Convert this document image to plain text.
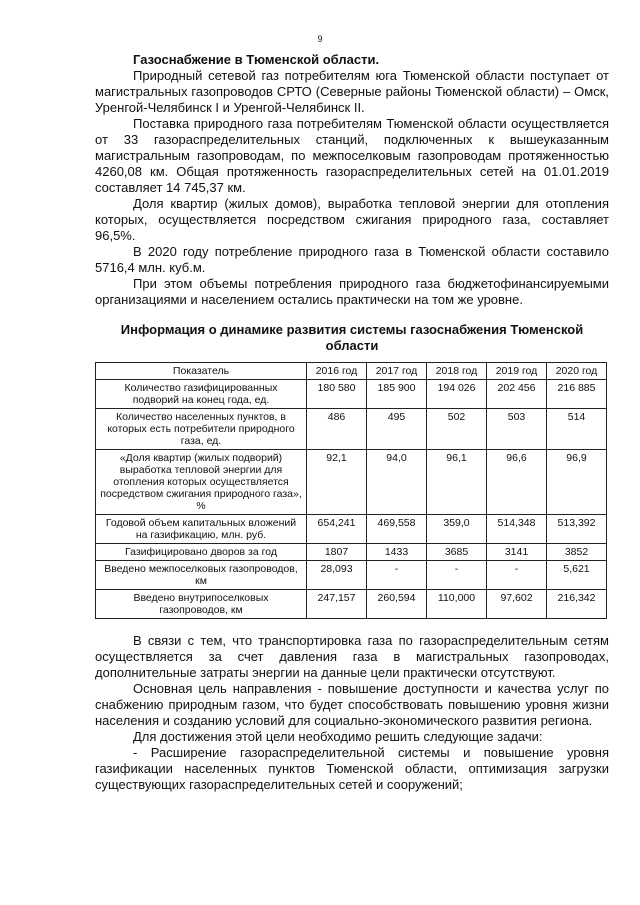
9

Газоснабжение в Тюменской области.

Природный сетевой газ потребителям юга Тюменской области поступает от магистральных газопроводов СРТО (Северные районы Тюменской области) – Омск, Уренгой-Челябинск I и Уренгой-Челябинск II.

Поставка природного газа потребителям Тюменской области осуществляется от 33 газораспределительных станций, подключенных к вышеуказанным магистральным газопроводам, по межпоселковым газопроводам протяженностью 4260,08 км. Общая протяженность газораспределительных сетей на 01.01.2019 составляет 14 745,37 км.

Доля квартир (жилых домов), выработка тепловой энергии для отопления которых, осуществляется посредством сжигания природного газа, составляет 96,5%.

В 2020 году потребление природного газа в Тюменской области составило 5716,4 млн. куб.м.

При этом объемы потребления природного газа бюджетофинансируемыми организациями и населением остались практически на том же уровне.

Информация о динамике развития системы газоснабжения Тюменской области
Показатель	2016 год	2017 год	2018 год	2019 год	2020 год
Количество газифицированных подворий на конец года, ед.	180 580	185 900	194 026	202 456	216 885
Количество населенных пунктов, в которых есть потребители природного газа, ед.	486	495	502	503	514
«Доля квартир (жилых подворий) выработка тепловой энергии для отопления которых осуществляется посредством сжигания природного газа», %	92,1	94,0	96,1	96,6	96,9
Годовой объем капитальных вложений на газификацию, млн. руб.	654,241	469,558	359,0	514,348	513,392
Газифицировано дворов за год	1807	1433	3685	3141	3852
Введено межпоселковых газопроводов, км	28,093	-	-	-	5,621
Введено внутрипоселковых газопроводов, км	247,157	260,594	110,000	97,602	216,342

В связи с тем, что транспортировка газа по газораспределительным сетям осуществляется за счет давления газа в магистральных газопроводах, дополнительные затраты энергии на данные цели практически отсутствуют.

Основная цель направления - повышение доступности и качества услуг по снабжению природным газом, что будет способствовать повышению уровня жизни населения и созданию условий для социально-экономического развития региона.

Для достижения этой цели необходимо решить следующие задачи:

- Расширение газораспределительной системы и повышение уровня газификации населенных пунктов Тюменской области, оптимизация загрузки существующих газораспределительных сетей и сооружений;
